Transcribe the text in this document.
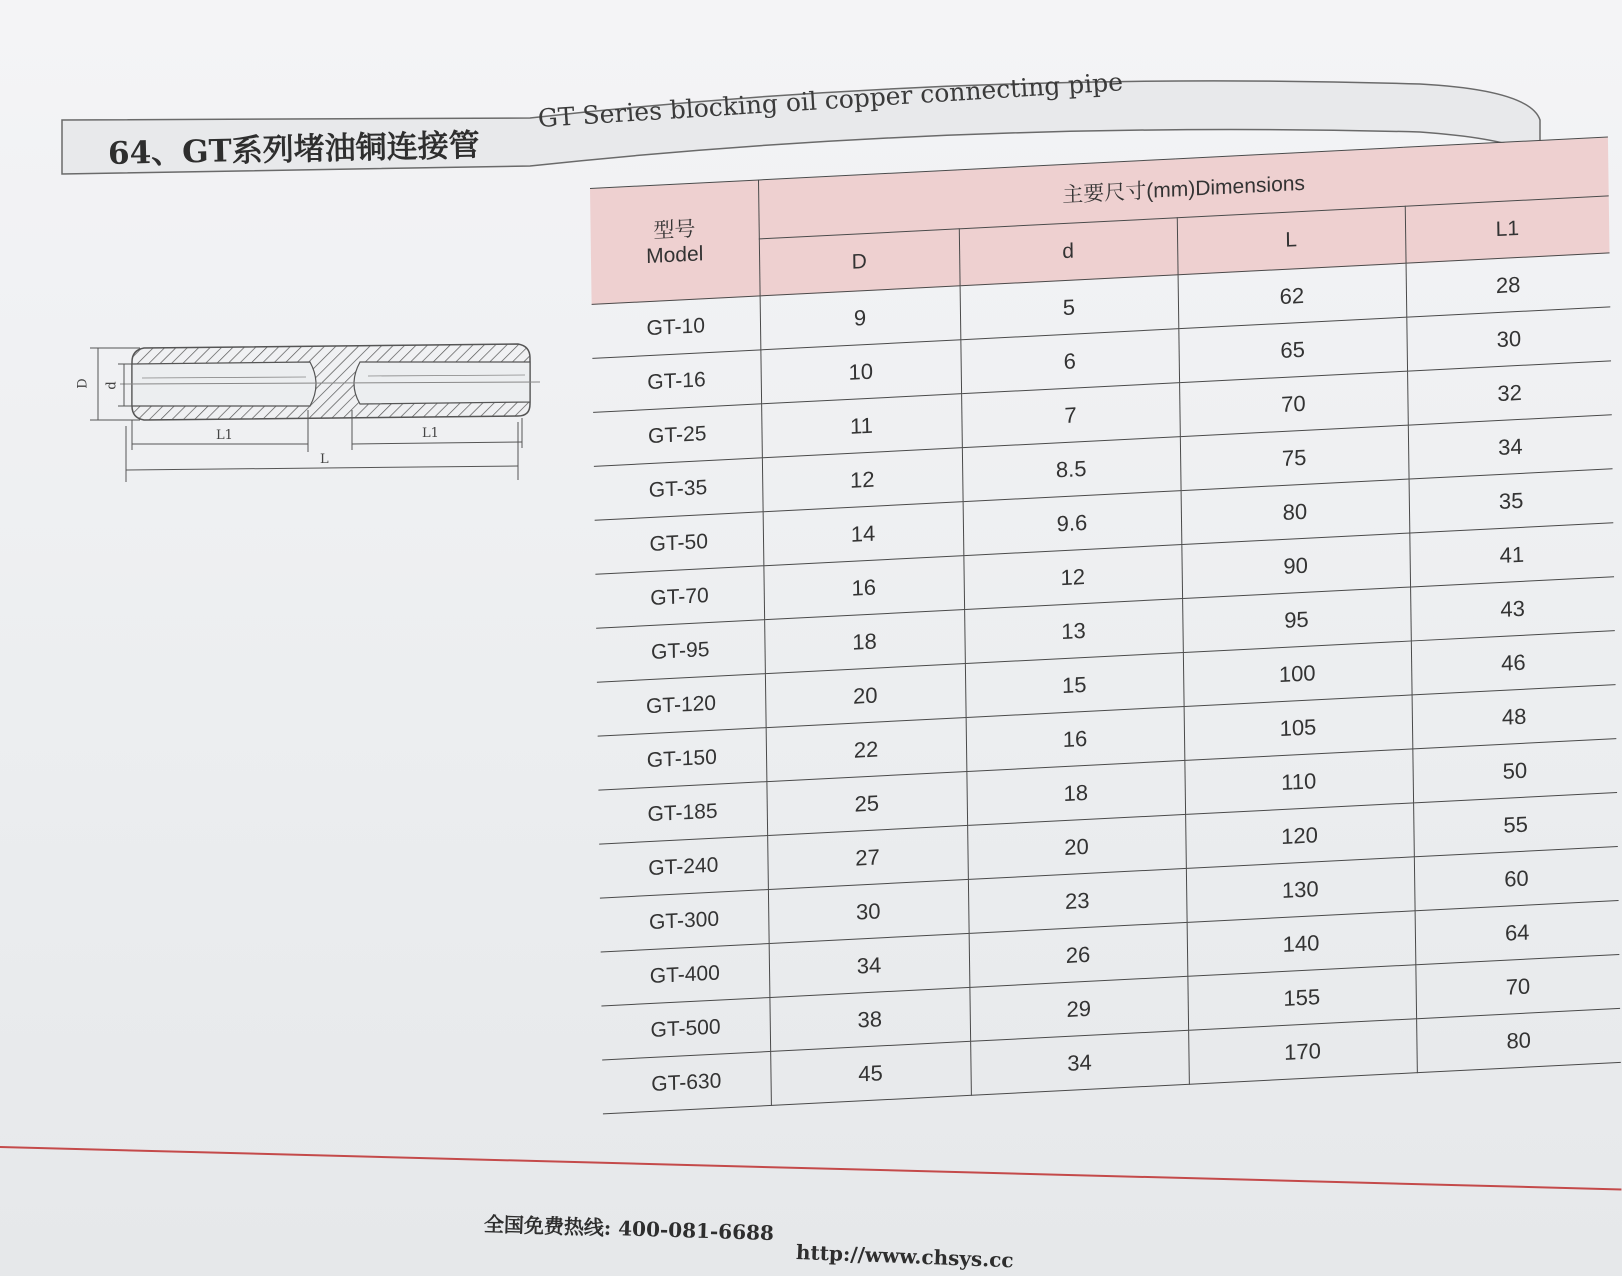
64、GT系列堵油铜连接管
GT Series blocking oil copper connecting pipe
D d
L1	L1
L
型号
Model	主要尺寸(mm)Dimensions			
	D	d	L	L1
GT-10	9	5	62	28
GT-16	10	6	65	30
GT-25	11	7	70	32
GT-35	12	8.5	75	34
GT-50	14	9.6	80	35
GT-70	16	12	90	41
GT-95	18	13	95	43
GT-120	20	15	100	46
GT-150	22	16	105	48
GT-185	25	18	110	50
GT-240	27	20	120	55
GT-300	30	23	130	60
GT-400	34	26	140	64
GT-500	38	29	155	70
GT-630	45	34	170	80
全国免费热线: 400-081-6688
http://www.chsys.cc
